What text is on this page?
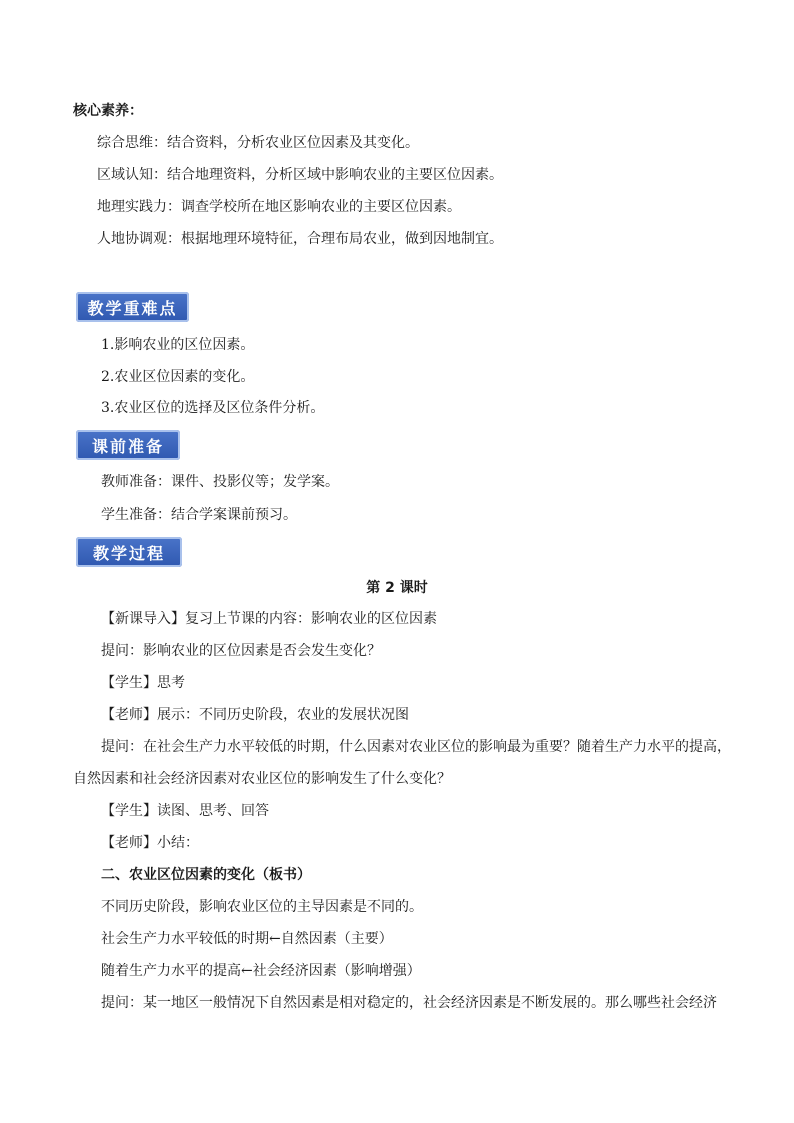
核心素养：
综合思维：结合资料，分析农业区位因素及其变化。
区域认知：结合地理资料，分析区域中影响农业的主要区位因素。
地理实践力：调查学校所在地区影响农业的主要区位因素。
人地协调观：根据地理环境特征，合理布局农业，做到因地制宜。
教学重难点
1.影响农业的区位因素。
2.农业区位因素的变化。
3.农业区位的选择及区位条件分析。
课前准备
教师准备：课件、投影仪等；发学案。
学生准备：结合学案课前预习。
教学过程
第 2 课时
【新课导入】复习上节课的内容：影响农业的区位因素
提问：影响农业的区位因素是否会发生变化？
【学生】思考
【老师】展示：不同历史阶段，农业的发展状况图
提问：在社会生产力水平较低的时期，什么因素对农业区位的影响最为重要？随着生产力水平的提高，
自然因素和社会经济因素对农业区位的影响发生了什么变化？
【学生】读图、思考、回答
【老师】小结：
二、农业区位因素的变化（板书）
不同历史阶段，影响农业区位的主导因素是不同的。
社会生产力水平较低的时期←自然因素（主要）
随着生产力水平的提高←社会经济因素（影响增强）
提问：某一地区一般情况下自然因素是相对稳定的，社会经济因素是不断发展的。那么哪些社会经济
